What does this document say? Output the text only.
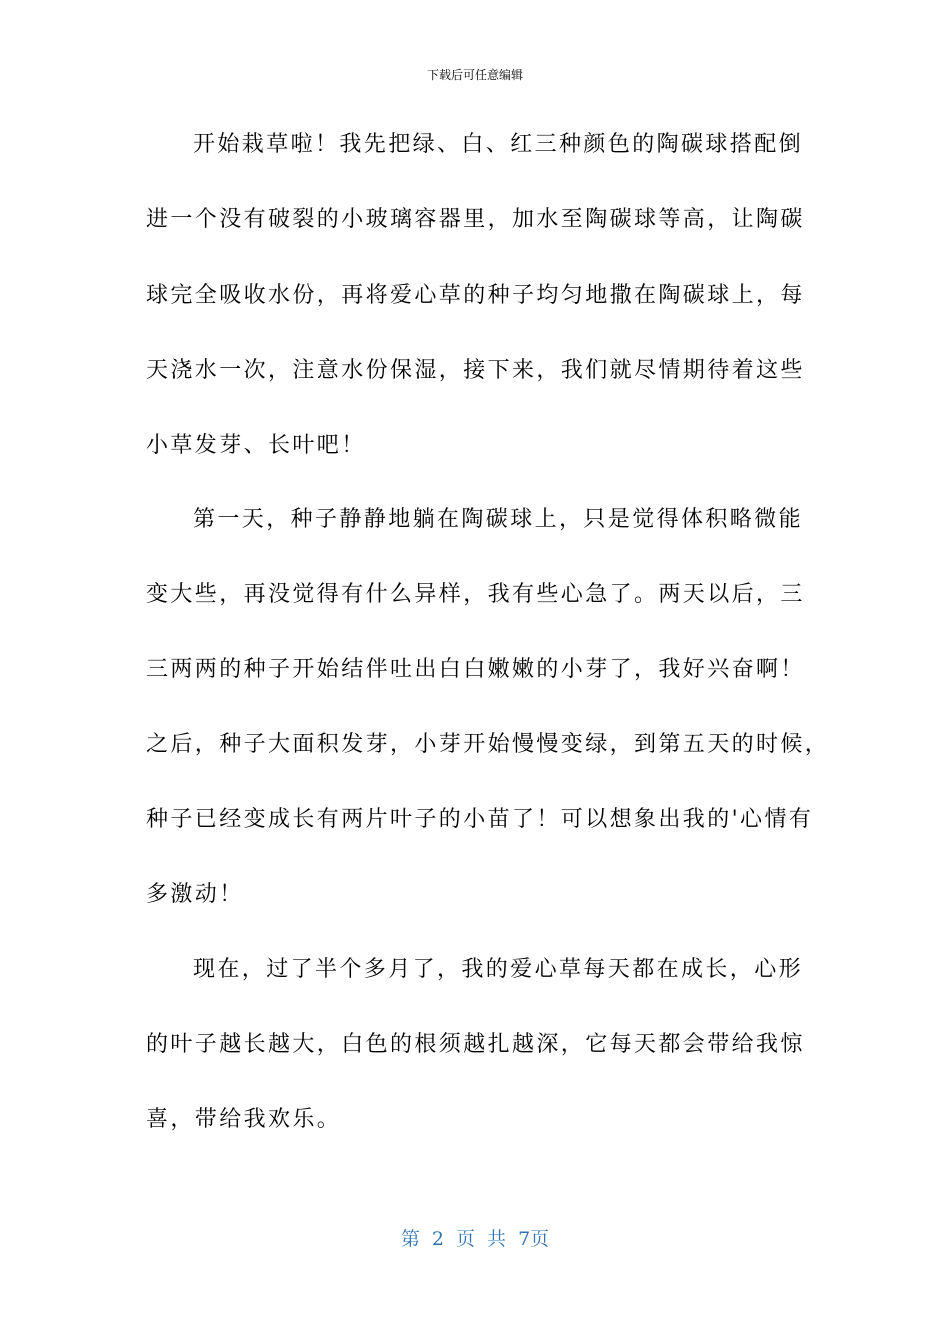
下载后可任意编辑
开始栽草啦！我先把绿、白、红三种颜色的陶碳球搭配倒
进一个没有破裂的小玻璃容器里，加水至陶碳球等高，让陶碳
球完全吸收水份，再将爱心草的种子均匀地撒在陶碳球上，每
天浇水一次，注意水份保湿，接下来，我们就尽情期待着这些
小草发芽、长叶吧！
第一天，种子静静地躺在陶碳球上，只是觉得体积略微能
变大些，再没觉得有什么异样，我有些心急了。两天以后，三
三两两的种子开始结伴吐出白白嫩嫩的小芽了，我好兴奋啊！
之后，种子大面积发芽，小芽开始慢慢变绿，到第五天的时候，
种子已经变成长有两片叶子的小苗了！可以想象出我的'心情有
多激动！
现在，过了半个多月了，我的爱心草每天都在成长，心形
的叶子越长越大，白色的根须越扎越深，它每天都会带给我惊
喜，带给我欢乐。
第 2 页 共 7页
